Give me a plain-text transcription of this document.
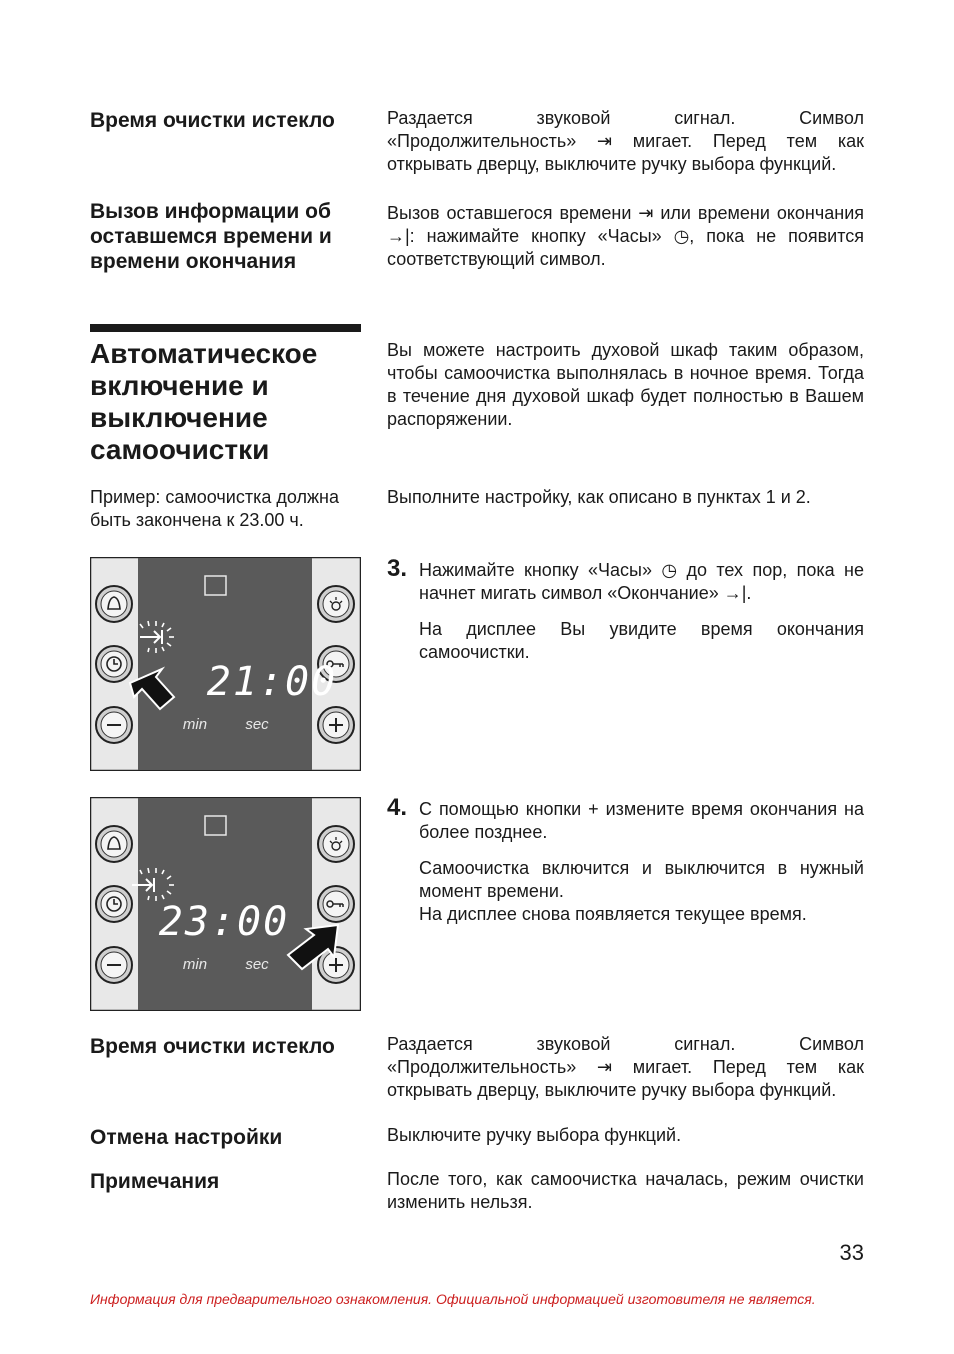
Время очистки истекло	Раздается звуковой сигнал. Символ «Продолжительность» ⇥ мигает. Перед тем как открывать дверцу, выключите ручку выбора функций.

Вызов информации об оставшемся времени и времени окончания

Вызов оставшегося времени ⇥ или времени окончания →|: нажимайте кнопку «Часы» ◷, пока не появится соответствующий символ.

Автоматическое включение и выключение самоочистки

Вы можете настроить духовой шкаф таким образом, чтобы самоочистка выполнялась в ночное время. Тогда в течение дня духовой шкаф будет полностью в Вашем распоряжении.

Пример: самоочистка должна быть закончена к 23.00 ч.

Выполните настройку, как описано в пунктах 1 и 2.

3. Нажимайте кнопку «Часы» ◷ до тех пор, пока не начнет мигать символ «Окончание» →|.

На дисплее Вы увидите время окончания самоочистки.

4. С помощью кнопки + измените время окончания на более позднее.

Самоочистка включится и выключится в нужный момент времени.

На дисплее снова появляется текущее время.

21:00
min	sec
23:00
min	sec
Время очистки истекло	Раздается звуковой сигнал. Символ «Продолжительность» ⇥ мигает. Перед тем как открывать дверцу, выключите ручку выбора функций.

Отмена настройки	Выключите ручку выбора функций.

Примечания	После того, как самоочистка началась, режим очистки изменить нельзя.

33
Информация для предварительного ознакомления. Официальной информацией изготовителя не является.
